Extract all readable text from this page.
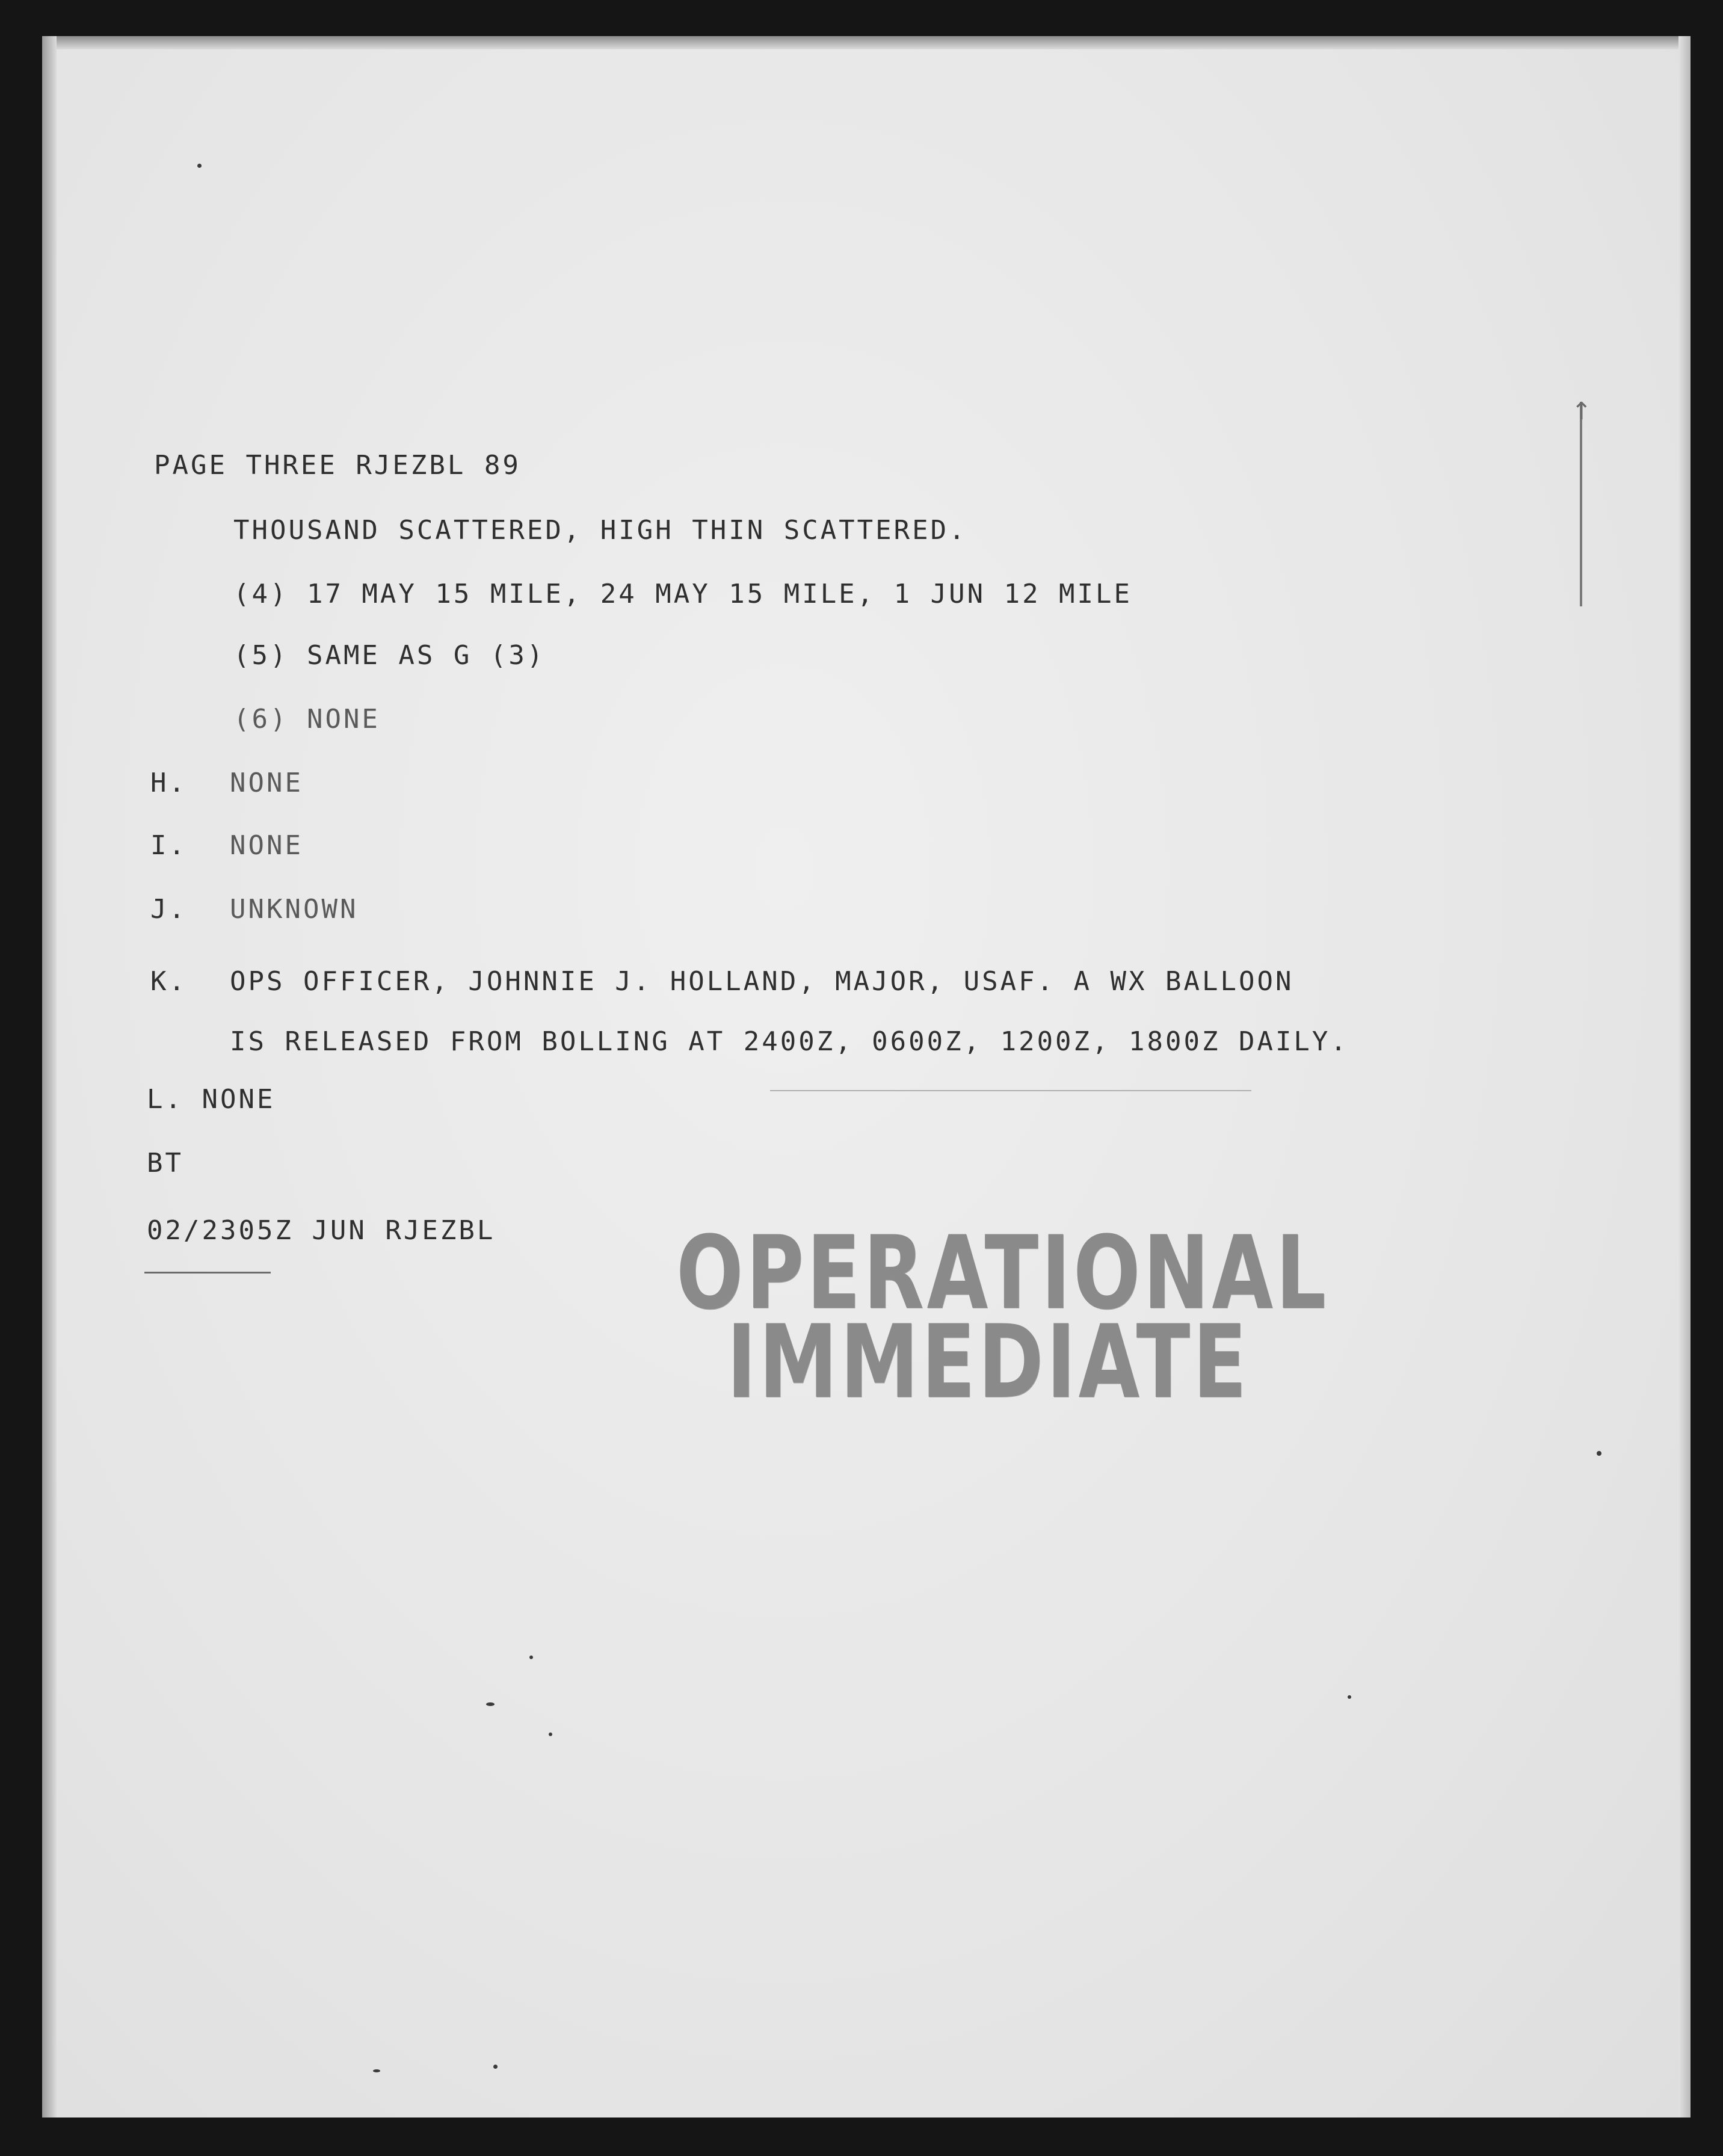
PAGE THREE RJEZBL 89
THOUSAND SCATTERED, HIGH THIN SCATTERED.
(4) 17 MAY 15 MILE, 24 MAY 15 MILE, 1 JUN 12 MILE
(5) SAME AS G (3)
(6) NONE
H. NONE
I. NONE
J. UNKNOWN
K. OPS OFFICER, JOHNNIE J. HOLLAND, MAJOR, USAF. A WX BALLOON
IS RELEASED FROM BOLLING AT 2400Z, 0600Z, 1200Z, 1800Z DAILY.
L. NONE
BT
02/2305Z JUN RJEZBL OPERATIONAL
IMMEDIATE
↑
